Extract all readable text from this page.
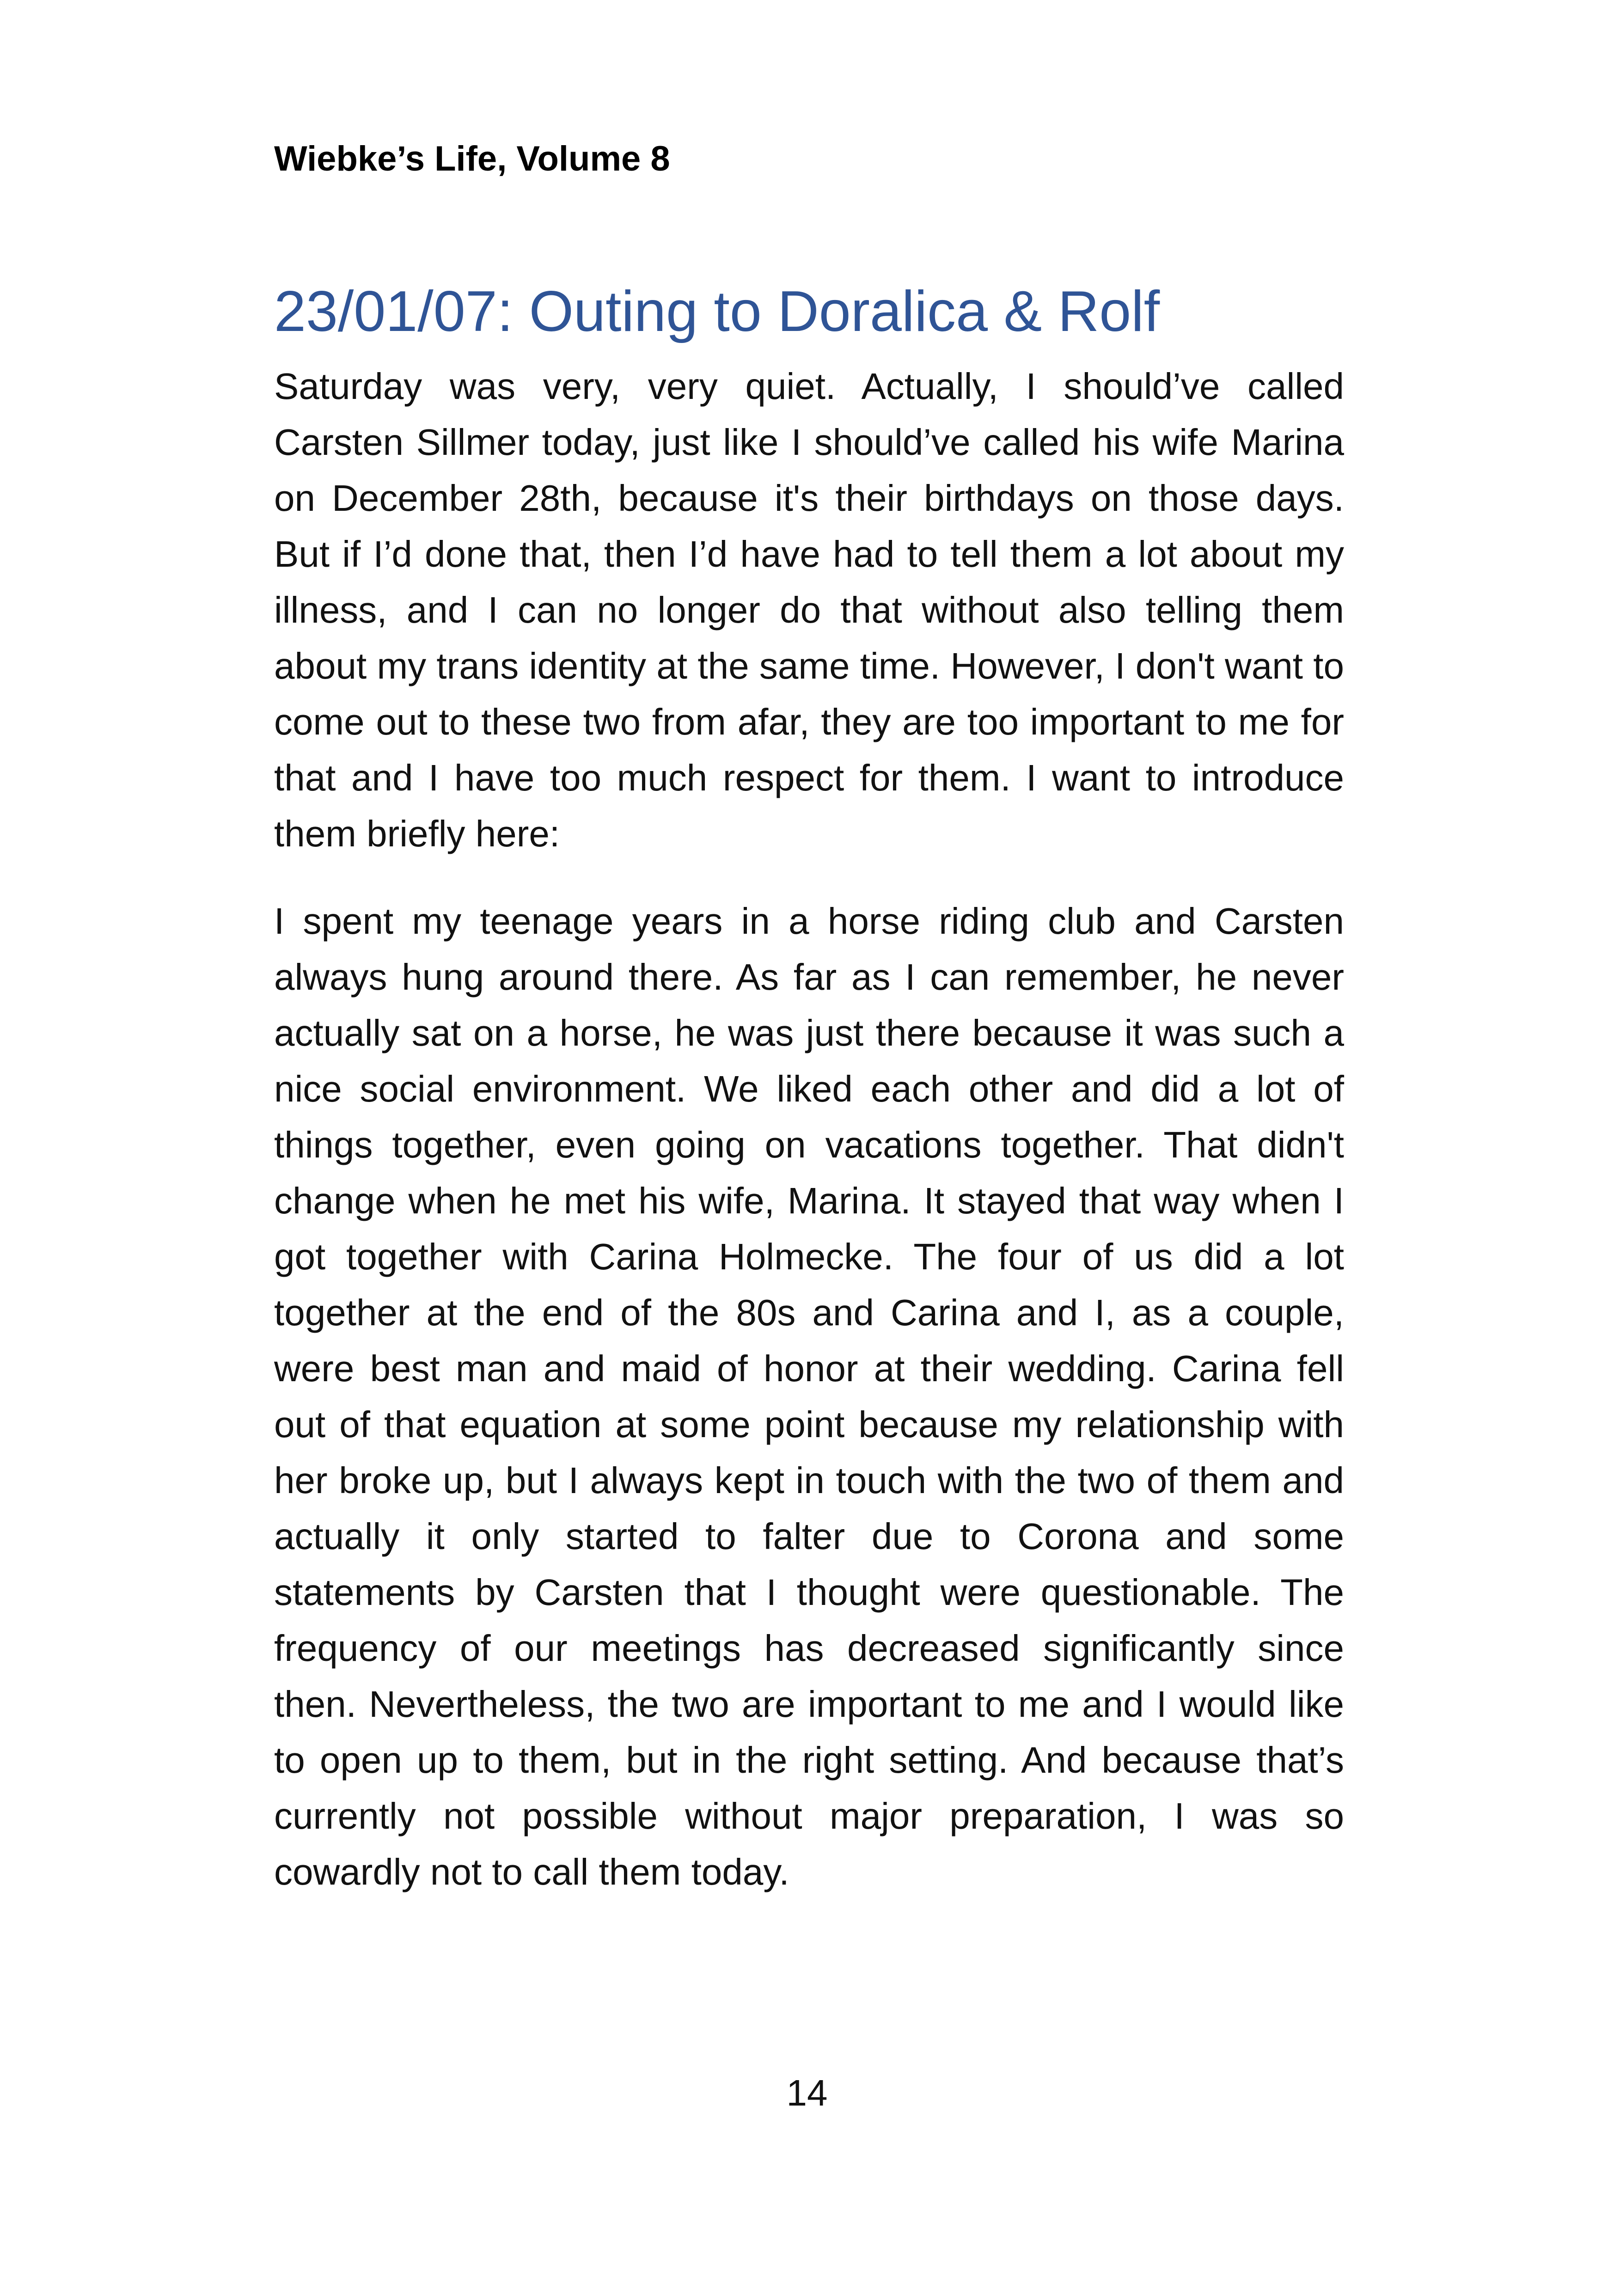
Wiebke’s Life, Volume 8
23/01/07: Outing to Doralica & Rolf

Saturday was very, very quiet. Actually, I should’ve called Carsten Sillmer today, just like I should’ve called his wife Marina on December 28th, because it's their birthdays on those days. But if I’d done that, then I’d have had to tell them a lot about my illness, and I can no longer do that without also telling them about my trans identity at the same time. However, I don't want to come out to these two from afar, they are too important to me for that and I have too much respect for them. I want to introduce them briefly here:

I spent my teenage years in a horse riding club and Carsten always hung around there. As far as I can remember, he never actually sat on a horse, he was just there because it was such a nice social environment. We liked each other and did a lot of things together, even going on vacations together. That didn't change when he met his wife, Marina. It stayed that way when I got together with Carina Holmecke. The four of us did a lot together at the end of the 80s and Carina and I, as a couple, were best man and maid of honor at their wedding. Carina fell out of that equation at some point because my relationship with her broke up, but I always kept in touch with the two of them and actually it only started to falter due to Corona and some statements by Carsten that I thought were questionable. The frequency of our meetings has decreased significantly since then. Nevertheless, the two are important to me and I would like to open up to them, but in the right setting. And because that’s currently not possible without major preparation, I was so cowardly not to call them today.

14
